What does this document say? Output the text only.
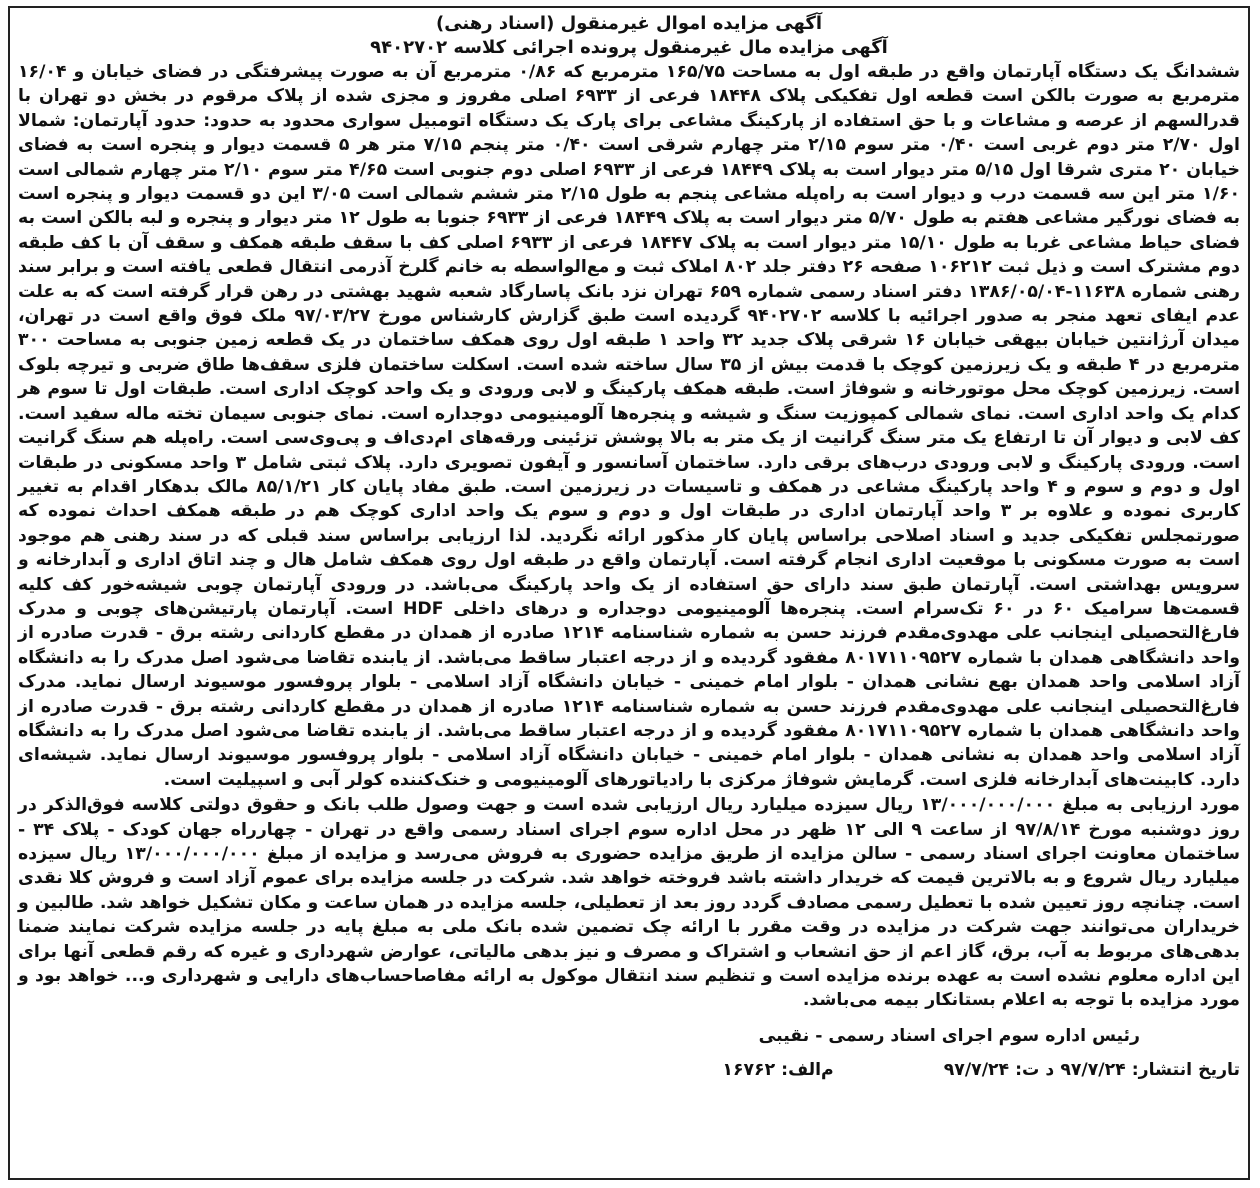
آگهی مزایده اموال غیرمنقول (اسناد رهنی)

آگهی مزایده مال غیرمنقول پرونده اجرائی کلاسه ۹۴۰۲۷۰۲

ششدانگ یک دستگاه آپارتمان واقع در طبقه اول به مساحت ۱۶۵/۷۵ مترمربع که ۰/۸۶ مترمربع آن به صورت پیشرفتگی در فضای خیابان و ۱۶/۰۴ مترمربع به صورت بالکن است قطعه اول تفکیکی پلاک ۱۸۴۴۸ فرعی از ۶۹۳۳ اصلی مفروز و مجزی شده از پلاک مرقوم در بخش دو تهران با قدرالسهم از عرصه و مشاعات و با حق استفاده از پارکینگ مشاعی برای پارک یک دستگاه اتومبیل سواری محدود به حدود: حدود آپارتمان: شمالا اول ۲/۷۰ متر دوم غربی است ۰/۴۰ متر سوم ۲/۱۵ متر چهارم شرقی است ۰/۴۰ متر پنجم ۷/۱۵ متر هر ۵ قسمت دیوار و پنجره است به فضای خیابان ۲۰ متری شرقا اول ۵/۱۵ متر دیوار است به پلاک ۱۸۴۴۹ فرعی از ۶۹۳۳ اصلی دوم جنوبی است ۴/۶۵ متر سوم ۲/۱۰ متر چهارم شمالی است ۱/۶۰ متر این سه قسمت درب و دیوار است به راه‌پله مشاعی پنجم به طول ۲/۱۵ متر ششم شمالی است ۳/۰۵ این دو قسمت دیوار و پنجره است به فضای نورگیر مشاعی هفتم به طول ۵/۷۰ متر دیوار است به پلاک ۱۸۴۴۹ فرعی از ۶۹۳۳ جنوبا به طول ۱۲ متر دیوار و پنجره و لبه بالکن است به فضای حیاط مشاعی غربا به طول ۱۵/۱۰ متر دیوار است به پلاک ۱۸۴۴۷ فرعی از ۶۹۳۳ اصلی کف با سقف طبقه همکف و سقف آن با کف طبقه دوم مشترک است و ذیل ثبت ۱۰۶۲۱۲ صفحه ۲۶ دفتر جلد ۸۰۲ املاک ثبت و مع‌الواسطه به خانم گلرخ آذرمی انتقال قطعی یافته است و برابر سند رهنی شماره ۱۱۶۳۸-۱۳۸۶/۰۵/۰۴ دفتر اسناد رسمی شماره ۶۵۹ تهران نزد بانک پاسارگاد شعبه شهید بهشتی در رهن قرار گرفته است که به علت عدم ایفای تعهد منجر به صدور اجرائیه با کلاسه ۹۴۰۲۷۰۲ گردیده است طبق گزارش کارشناس مورخ ۹۷/۰۳/۲۷ ملک فوق واقع است در تهران، میدان آرژانتین خیابان بیهقی خیابان ۱۶ شرقی پلاک جدید ۳۲ واحد ۱ طبقه اول روی همکف ساختمان در یک قطعه زمین جنوبی به مساحت ۳۰۰ مترمربع در ۴ طبقه و یک زیرزمین کوچک با قدمت بیش از ۳۵ سال ساخته شده است. اسکلت ساختمان فلزی سقف‌ها طاق ضربی و تیرچه بلوک است. زیرزمین کوچک محل موتورخانه و شوفاژ است. طبقه همکف پارکینگ و لابی ورودی و یک واحد کوچک اداری است. طبقات اول تا سوم هر کدام یک واحد اداری است. نمای شمالی کمپوزیت سنگ و شیشه و پنجره‌ها آلومینیومی دوجداره است. نمای جنوبی سیمان تخته ماله سفید است. کف لابی و دیوار آن تا ارتفاع یک متر سنگ گرانیت از یک متر به بالا پوشش تزئینی ورقه‌های ام‌دی‌اف و پی‌وی‌سی است. راه‌پله هم سنگ گرانیت است. ورودی پارکینگ و لابی ورودی درب‌های برقی دارد. ساختمان آسانسور و آیفون تصویری دارد. پلاک ثبتی شامل ۳ واحد مسکونی در طبقات اول و دوم و سوم و ۴ واحد پارکینگ مشاعی در همکف و تاسیسات در زیرزمین است. طبق مفاد پایان کار ۸۵/۱/۲۱ مالک بدهکار اقدام به تغییر کاربری نموده و علاوه بر ۳ واحد آپارتمان اداری در طبقات اول و دوم و سوم یک واحد اداری کوچک هم در طبقه همکف احداث نموده که صورتمجلس تفکیکی جدید و اسناد اصلاحی براساس پایان کار مذکور ارائه نگردید. لذا ارزیابی براساس سند قبلی که در سند رهنی هم موجود است به صورت مسکونی با موقعیت اداری انجام گرفته است. آپارتمان واقع در طبقه اول روی همکف شامل هال و چند اتاق اداری و آبدارخانه و سرویس بهداشتی است. آپارتمان طبق سند دارای حق استفاده از یک واحد پارکینگ می‌باشد. در ورودی آپارتمان چوبی شیشه‌خور کف کلیه قسمت‌ها سرامیک ۶۰ در ۶۰ تک‌سرام است. پنجره‌ها آلومینیومی دوجداره و درهای داخلی HDF است. آپارتمان پارتیشن‌های چوبی و مدرک فارغ‌التحصیلی اینجانب علی مهدوی‌مقدم فرزند حسن به شماره شناسنامه ۱۲۱۴ صادره از همدان در مقطع کاردانی رشته برق - قدرت صادره از واحد دانشگاهی همدان با شماره ۸۰۱۷۱۱۰۹۵۲۷ مفقود گردیده و از درجه اعتبار ساقط می‌باشد. از یابنده تقاضا می‌شود اصل مدرک را به دانشگاه آزاد اسلامی واحد همدان بهع نشانی همدان - بلوار امام خمینی - خیابان دانشگاه آزاد اسلامی - بلوار پروفسور موسیوند ارسال نماید. مدرک فارغ‌التحصیلی اینجانب علی مهدوی‌مقدم فرزند حسن به شماره شناسنامه ۱۲۱۴ صادره از همدان در مقطع کاردانی رشته برق - قدرت صادره از واحد دانشگاهی همدان با شماره ۸۰۱۷۱۱۰۹۵۲۷ مفقود گردیده و از درجه اعتبار ساقط می‌باشد. از یابنده تقاضا می‌شود اصل مدرک را به دانشگاه آزاد اسلامی واحد همدان به نشانی همدان - بلوار امام خمینی - خیابان دانشگاه آزاد اسلامی - بلوار پروفسور موسیوند ارسال نماید. شیشه‌ای دارد. کابینت‌های آبدارخانه فلزی است. گرمایش شوفاژ مرکزی با رادیاتورهای آلومینیومی و خنک‌کننده کولر آبی و اسپیلیت است.

مورد ارزیابی به مبلغ ۱۳/۰۰۰/۰۰۰/۰۰۰ ریال سیزده میلیارد ریال ارزیابی شده است و جهت وصول طلب بانک و حقوق دولتی کلاسه فوق‌الذکر در روز دوشنبه مورخ ۹۷/۸/۱۴ از ساعت ۹ الی ۱۲ ظهر در محل اداره سوم اجرای اسناد رسمی واقع در تهران - چهارراه جهان کودک - پلاک ۳۴ - ساختمان معاونت اجرای اسناد رسمی - سالن مزایده از طریق مزایده حضوری به فروش می‌رسد و مزایده از مبلغ ۱۳/۰۰۰/۰۰۰/۰۰۰ ریال سیزده میلیارد ریال شروع و به بالاترین قیمت که خریدار داشته باشد فروخته خواهد شد. شرکت در جلسه مزایده برای عموم آزاد است و فروش کلا نقدی است. چنانچه روز تعیین شده با تعطیل رسمی مصادف گردد روز بعد از تعطیلی، جلسه مزایده در همان ساعت و مکان تشکیل خواهد شد. طالبین و خریداران می‌توانند جهت شرکت در مزایده در وقت مقرر با ارائه چک تضمین شده بانک ملی به مبلغ پایه در جلسه مزایده شرکت نمایند ضمنا بدهی‌های مربوط به آب، برق، گاز اعم از حق انشعاب و اشتراک و مصرف و نیز بدهی مالیاتی، عوارض شهرداری و غیره که رقم قطعی آنها برای این اداره معلوم نشده است به عهده برنده مزایده است و تنظیم سند انتقال موکول به ارائه مفاصاحساب‌های دارایی و شهرداری و... خواهد بود و مورد مزایده با توجه به اعلام بستانکار بیمه می‌باشد.

رئیس اداره سوم اجرای اسناد رسمی - نقیبی

تاریخ انتشار: ۹۷/۷/۲۴ د ت: ۹۷/۷/۲۴
م‌الف: ۱۶۷۶۲
